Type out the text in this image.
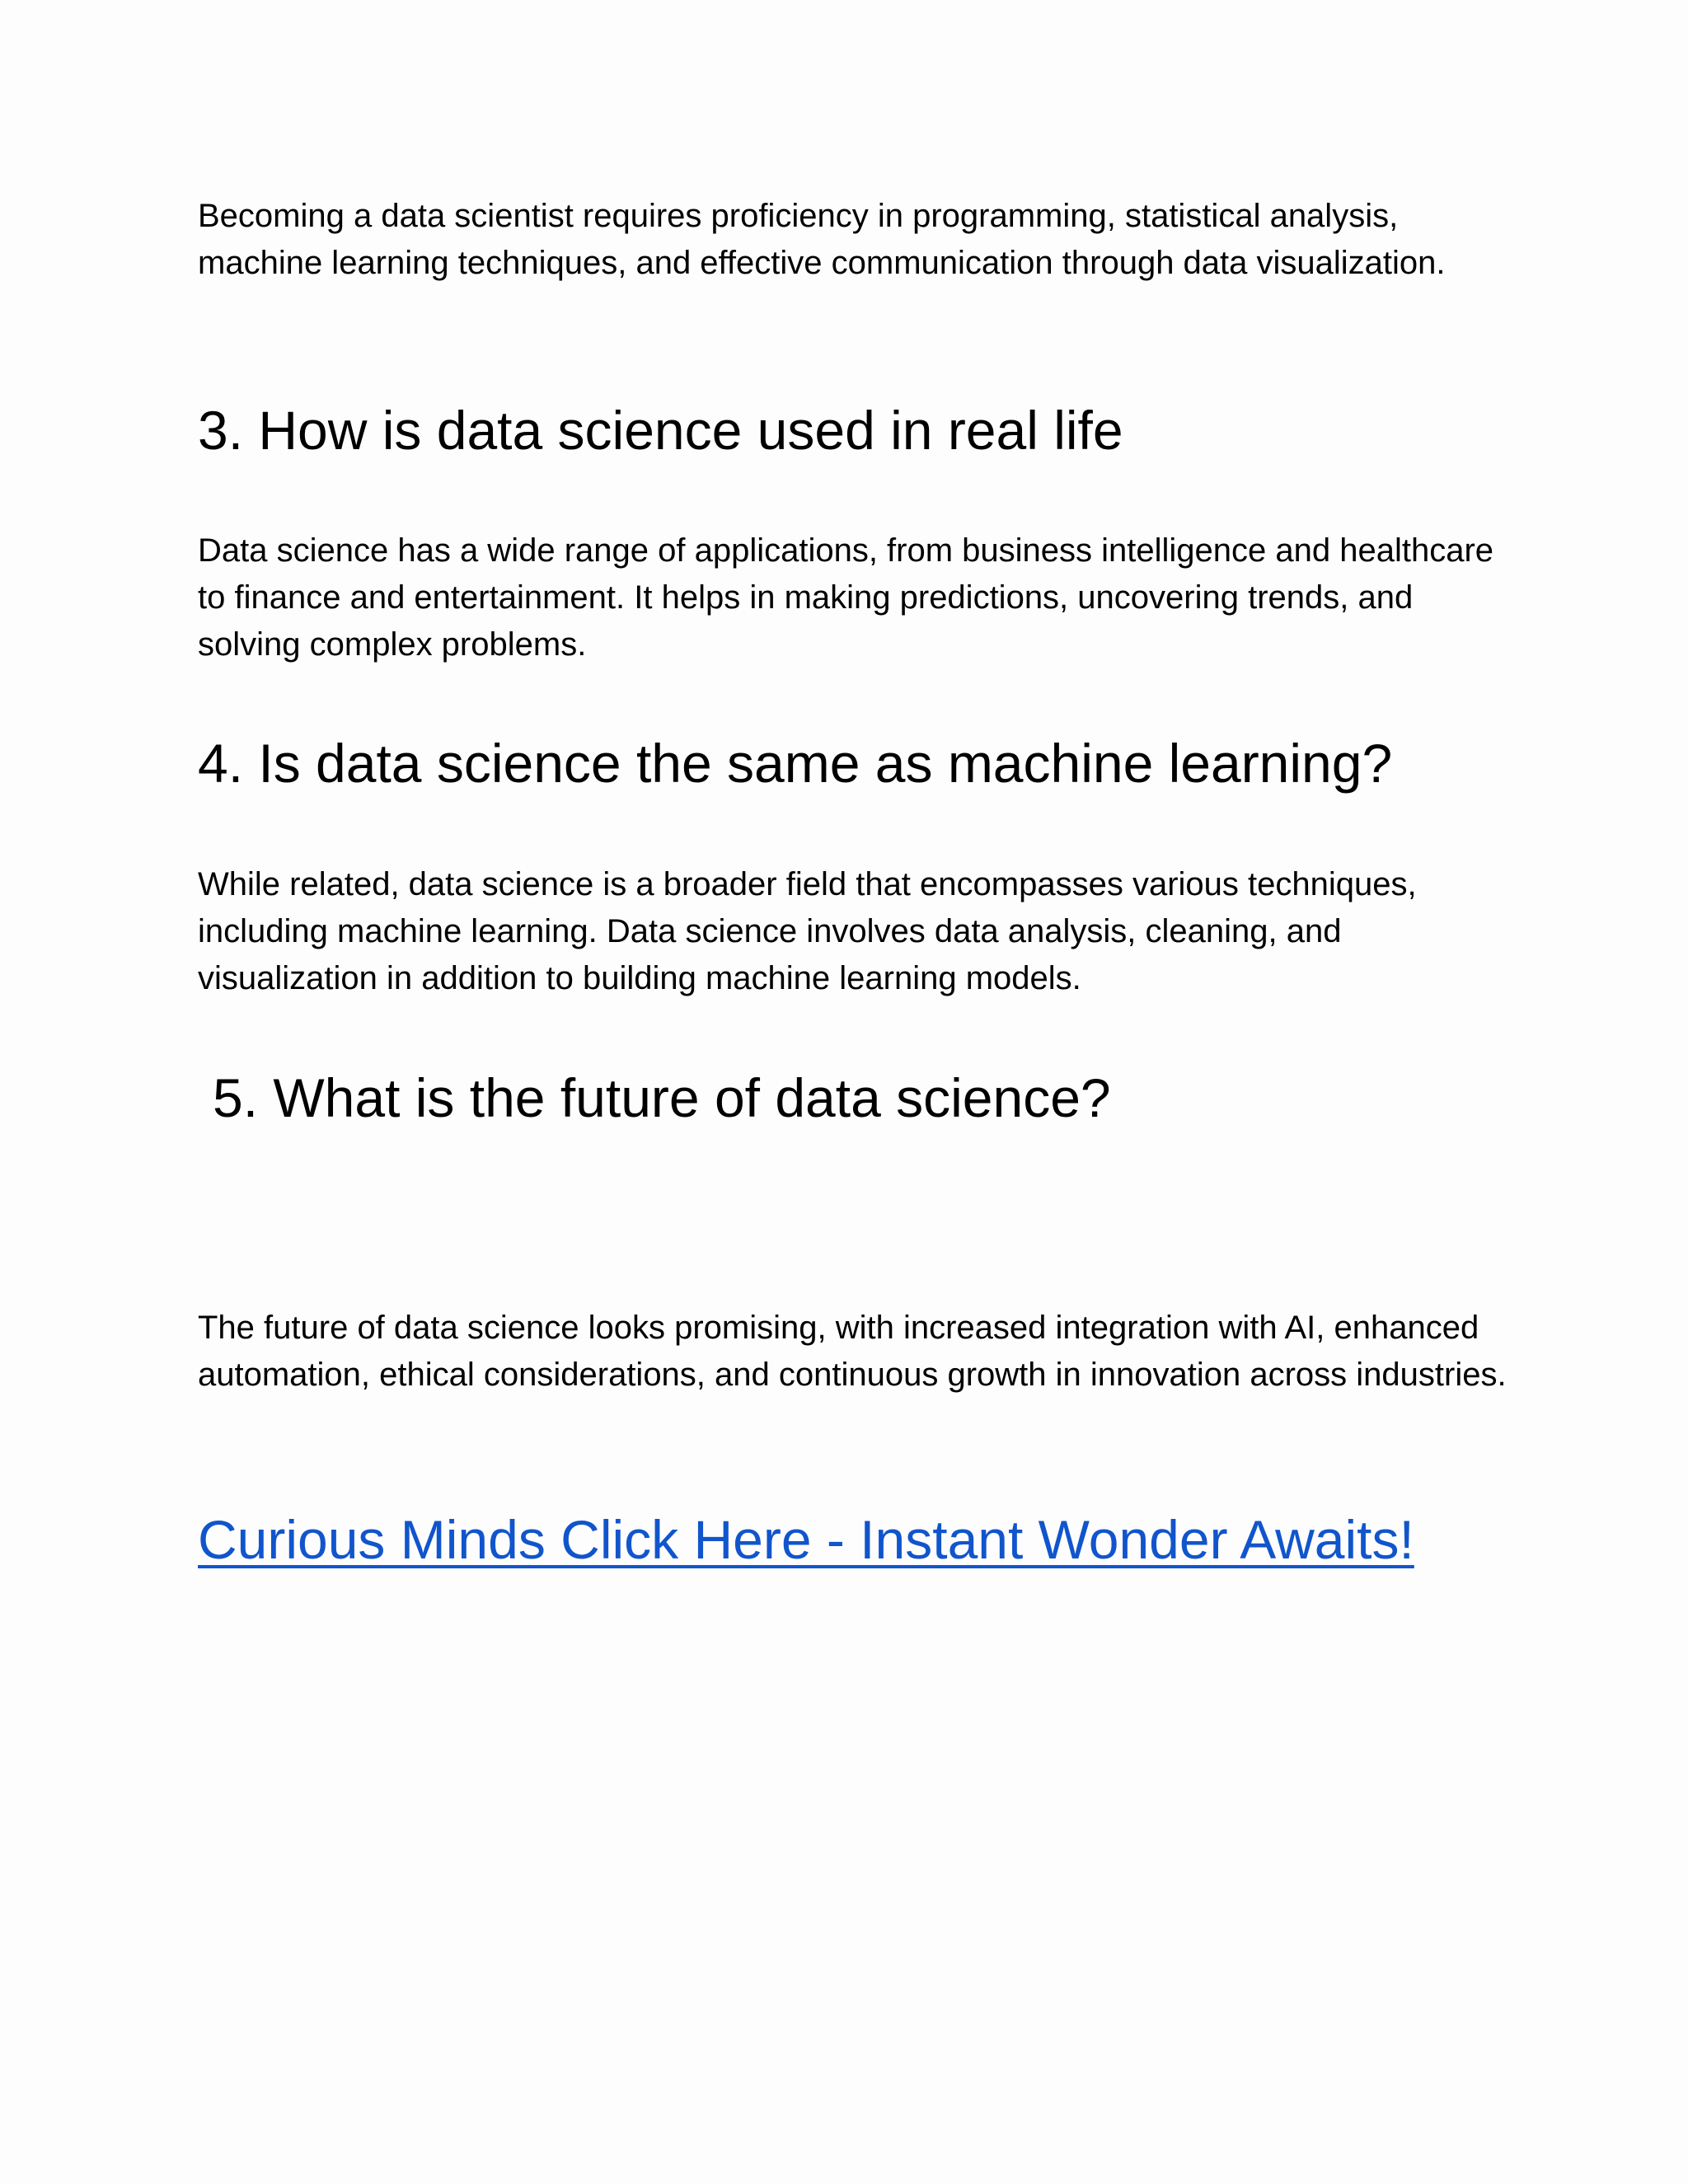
Becoming a data scientist requires proficiency in programming, statistical analysis, machine learning techniques, and effective communication through data visualization.

3. How is data science used in real life

Data science has a wide range of applications, from business intelligence and healthcare to finance and entertainment. It helps in making predictions, uncovering trends, and solving complex problems.

4. Is data science the same as machine learning?

While related, data science is a broader field that encompasses various techniques, including machine learning. Data science involves data analysis, cleaning, and visualization in addition to building machine learning models.

5. What is the future of data science?

The future of data science looks promising, with increased integration with AI, enhanced automation, ethical considerations, and continuous growth in innovation across industries.

Curious Minds Click Here - Instant Wonder Awaits!
